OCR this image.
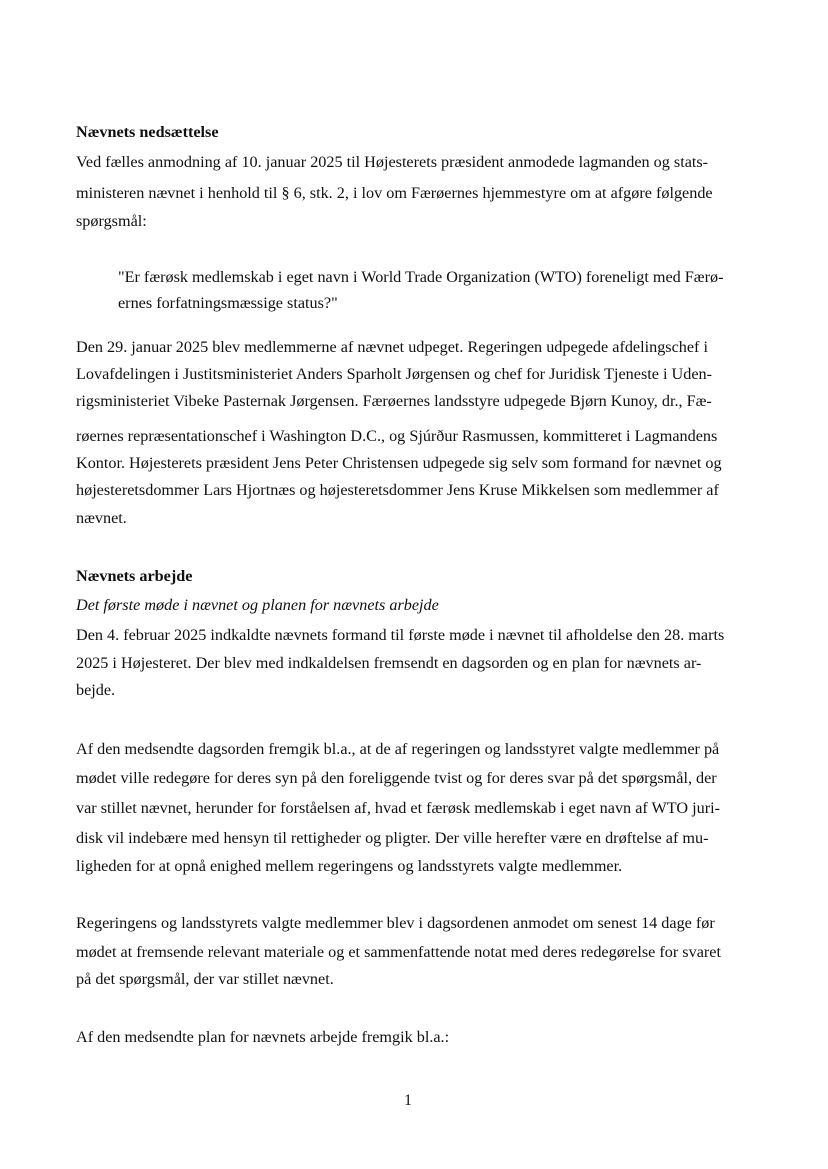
Nævnets nedsættelse
Ved fælles anmodning af 10. januar 2025 til Højesterets præsident anmodede lagmanden og stats-
ministeren nævnet i henhold til § 6, stk. 2, i lov om Færøernes hjemmestyre om at afgøre følgende
spørgsmål:
"Er færøsk medlemskab i eget navn i World Trade Organization (WTO) foreneligt med Færø-
ernes forfatningsmæssige status?"
Den 29. januar 2025 blev medlemmerne af nævnet udpeget. Regeringen udpegede afdelingschef i
Lovafdelingen i Justitsministeriet Anders Sparholt Jørgensen og chef for Juridisk Tjeneste i Uden-
rigsministeriet Vibeke Pasternak Jørgensen. Færøernes landsstyre udpegede Bjørn Kunoy, dr., Fæ-
røernes repræsentationschef i Washington D.C., og Sjúrður Rasmussen, kommitteret i Lagmandens
Kontor. Højesterets præsident Jens Peter Christensen udpegede sig selv som formand for nævnet og
højesteretsdommer Lars Hjortnæs og højesteretsdommer Jens Kruse Mikkelsen som medlemmer af
nævnet.
Nævnets arbejde
Det første møde i nævnet og planen for nævnets arbejde
Den 4. februar 2025 indkaldte nævnets formand til første møde i nævnet til afholdelse den 28. marts
2025 i Højesteret. Der blev med indkaldelsen fremsendt en dagsorden og en plan for nævnets ar-
bejde.
Af den medsendte dagsorden fremgik bl.a., at de af regeringen og landsstyret valgte medlemmer på
mødet ville redegøre for deres syn på den foreliggende tvist og for deres svar på det spørgsmål, der
var stillet nævnet, herunder for forståelsen af, hvad et færøsk medlemskab i eget navn af WTO juri-
disk vil indebære med hensyn til rettigheder og pligter. Der ville herefter være en drøftelse af mu-
ligheden for at opnå enighed mellem regeringens og landsstyrets valgte medlemmer.
Regeringens og landsstyrets valgte medlemmer blev i dagsordenen anmodet om senest 14 dage før
mødet at fremsende relevant materiale og et sammenfattende notat med deres redegørelse for svaret
på det spørgsmål, der var stillet nævnet.
Af den medsendte plan for nævnets arbejde fremgik bl.a.:
1
